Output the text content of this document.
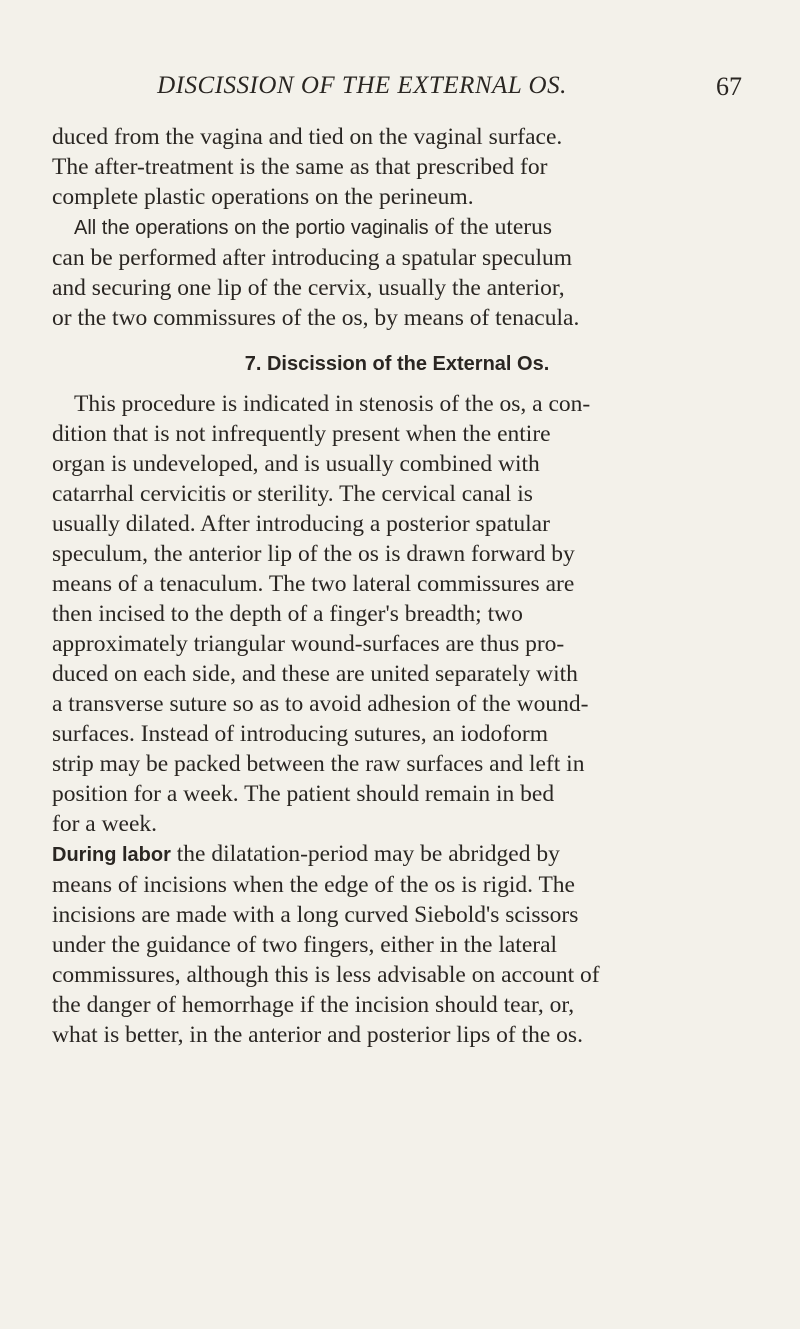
DISCISSION OF THE EXTERNAL OS.	67

duced from the vagina and tied on the vaginal surface.
The after-treatment is the same as that prescribed for
complete plastic operations on the perineum.

All the operations on the portio vaginalis of the uterus
can be performed after introducing a spatular speculum
and securing one lip of the cervix, usually the anterior,
or the two commissures of the os, by means of tenacula.

7. Discission of the External Os.

This procedure is indicated in stenosis of the os, a con-
dition that is not infrequently present when the entire
organ is undeveloped, and is usually combined with
catarrhal cervicitis or sterility. The cervical canal is
usually dilated. After introducing a posterior spatular
speculum, the anterior lip of the os is drawn forward by
means of a tenaculum. The two lateral commissures are
then incised to the depth of a finger's breadth; two
approximately triangular wound-surfaces are thus pro-
duced on each side, and these are united separately with
a transverse suture so as to avoid adhesion of the wound-
surfaces. Instead of introducing sutures, an iodoform
strip may be packed between the raw surfaces and left in
position for a week. The patient should remain in bed
for a week.

During labor the dilatation-period may be abridged by
means of incisions when the edge of the os is rigid. The
incisions are made with a long curved Siebold's scissors
under the guidance of two fingers, either in the lateral
commissures, although this is less advisable on account of
the danger of hemorrhage if the incision should tear, or,
what is better, in the anterior and posterior lips of the os.
